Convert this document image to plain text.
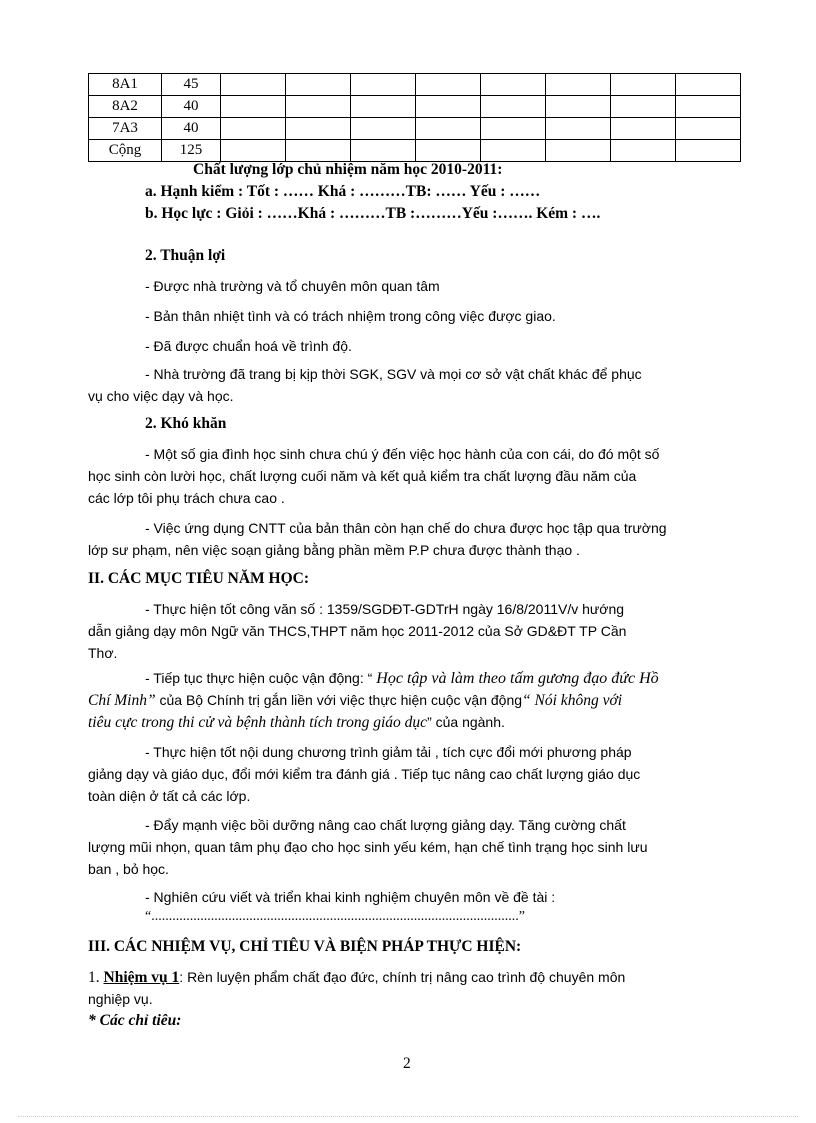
8A1	45								
8A2	40								
7A3	40								
Cộng	125								
Chất lượng lớp chủ nhiệm năm học 2010-2011:
a. Hạnh kiểm : Tốt : …… Khá : ………TB: …… Yếu : ……
b. Học lực : Giỏi : ……Khá : ………TB :………Yếu :……. Kém : ….
2. Thuận lợi
- Được nhà trường và tổ chuyên môn quan tâm
- Bản thân nhiệt tình và có trách nhiệm trong công việc được giao.
- Đã được chuẩn hoá về trình độ.
- Nhà trường đã trang bị kịp thời SGK, SGV và mọi cơ sở vật chất khác để phục
vụ cho việc dạy và học.
2. Khó khăn
- Một số gia đình học sinh chưa chú ý đến việc học hành của con cái, do đó một số
học sinh còn lười học, chất lượng cuối năm và kết quả kiểm tra chất lượng đầu năm của
các lớp tôi phụ trách chưa cao .
- Việc ứng dụng CNTT của bản thân còn hạn chế do chưa được học tập qua trường
lớp sư phạm, nên việc soạn giảng bằng phần mềm P.P chưa được thành thạo .
II. CÁC MỤC TIÊU NĂM HỌC:
- Thực hiện tốt công văn số : 1359/SGDĐT-GDTrH ngày 16/8/2011V/v hướng
dẫn giảng dạy môn Ngữ văn THCS,THPT năm học 2011-2012 của Sở GD&ĐT TP Cần
Thơ.
- Tiếp tục thực hiện cuộc vận động: “ Học tập và làm theo tấm gương đạo đức Hồ
Chí Minh” của Bộ Chính trị gắn liền với việc thực hiện cuộc vận động“ Nói không với
tiêu cực trong thi cử và bệnh thành tích trong giáo dục” của ngành.
- Thực hiện tốt nội dung chương trình giảm tải , tích cực đổi mới phương pháp
giảng dạy và giáo dục, đổi mới kiểm tra đánh giá . Tiếp tục nâng cao chất lượng giáo dục
toàn diện ở tất cả các lớp.
- Đẩy mạnh việc bồi dưỡng nâng cao chất lượng giảng dạy. Tăng cường chất
lượng mũi nhọn, quan tâm phụ đạo cho học sinh yếu kém, hạn chế tình trạng học sinh lưu
ban , bỏ học.
- Nghiên cứu viết và triển khai kinh nghiệm chuyên môn về đề tài :
“.........................................................................................................”
III. CÁC NHIỆM VỤ, CHỈ TIÊU VÀ BIỆN PHÁP THỰC HIỆN:
1. Nhiệm vụ 1: Rèn luyện phẩm chất đạo đức, chính trị nâng cao trình độ chuyên môn
nghiệp vụ.
* Các chỉ tiêu:
2
